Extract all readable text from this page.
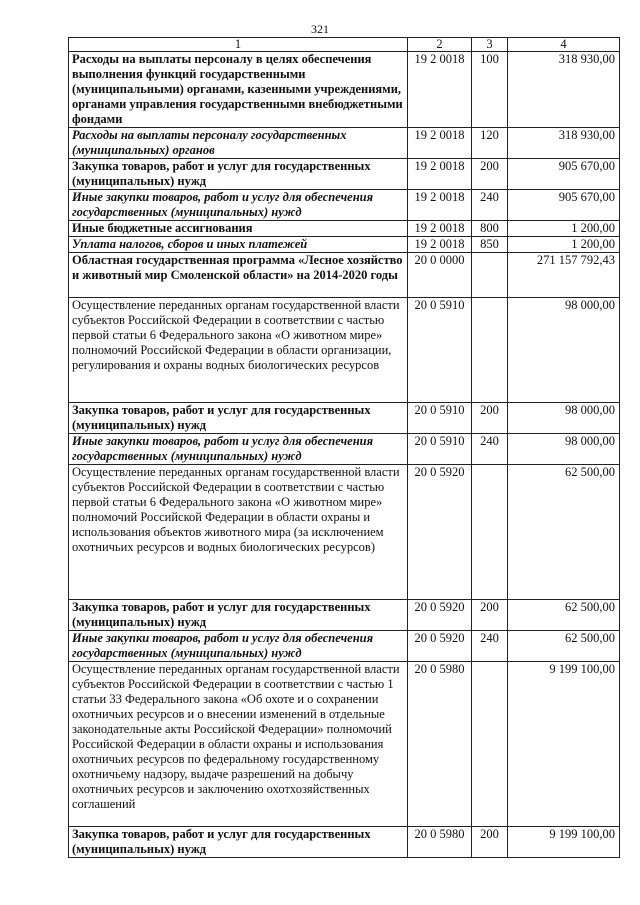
321
1	2	3	4
Расходы на выплаты персоналу в целях обеспечения выполнения функций государственными (муниципальными) органами, казенными учреждениями, органами управления государственными внебюджетными фондами	19 2 0018	100	318 930,00
Расходы на выплаты персоналу государственных (муниципальных) органов	19 2 0018	120	318 930,00
Закупка товаров, работ и услуг для государственных (муниципальных) нужд	19 2 0018	200	905 670,00
Иные закупки товаров, работ и услуг для обеспечения государственных (муниципальных) нужд	19 2 0018	240	905 670,00
Иные бюджетные ассигнования	19 2 0018	800	1 200,00
Уплата налогов, сборов и иных платежей	19 2 0018	850	1 200,00
Областная государственная программа «Лесное хозяйство и животный мир Смоленской области» на 2014-2020 годы	20 0 0000		271 157 792,43
Осуществление переданных органам государственной власти
субъектов Российской Федерации в соответствии с частью первой статьи 6 Федерального закона «О животном мире» полномочий Российской Федерации в области организации, регулирования и охраны водных биологических ресурсов	20 0 5910		98 000,00
Закупка товаров, работ и услуг для государственных (муниципальных) нужд	20 0 5910	200	98 000,00
Иные закупки товаров, работ и услуг для обеспечения государственных (муниципальных) нужд	20 0 5910	240	98 000,00
Осуществление переданных органам государственной власти субъектов Российской Федерации в соответствии с частью первой статьи 6 Федерального закона «О животном мире» полномочий Российской Федерации в области охраны и использования объектов животного мира (за исключением охотничьих ресурсов и водных биологических ресурсов)	20 0 5920		62 500,00
Закупка товаров, работ и услуг для государственных (муниципальных) нужд	20 0 5920	200	62 500,00
Иные закупки товаров, работ и услуг для обеспечения государственных (муниципальных) нужд	20 0 5920	240	62 500,00
Осуществление переданных органам государственной власти
субъектов Российской Федерации в соответствии с частью 1 статьи 33 Федерального закона «Об охоте и о сохранении охотничьих ресурсов и о внесении изменений в отдельные законодательные акты Российской Федерации» полномочий Российской Федерации в области охраны и использования охотничьих ресурсов по федеральному государственному охотничьему надзору, выдаче разрешений на добычу охотничьих ресурсов и заключению охотхозяйственных соглашений	20 0 5980		9 199 100,00
Закупка товаров, работ и услуг для государственных (муниципальных) нужд	20 0 5980	200	9 199 100,00
